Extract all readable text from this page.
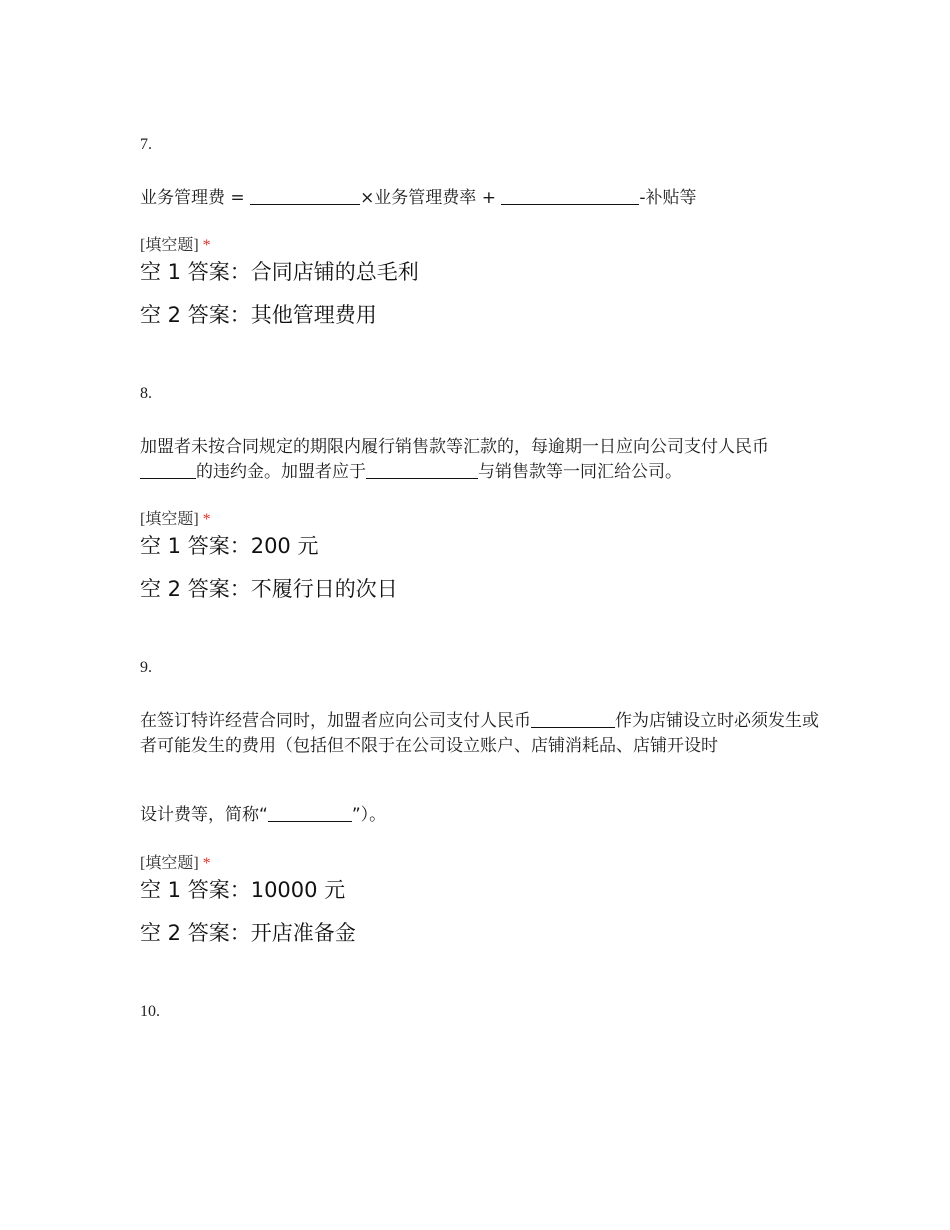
7.
业务管理费 =	×业务管理费率 +	-补贴等
[填空题] *
空 1 答案：合同店铺的总毛利
空 2 答案：其他管理费用
8.
加盟者未按合同规定的期限内履行销售款等汇款的，每逾期一日应向公司支付人民币的违约金。加盟者应于	与销售款等一同汇给公司。
[填空题] *
空 1 答案：200 元
空 2 答案：不履行日的次日
9.
在签订特许经营合同时，加盟者应向公司支付人民币	作为店铺设立时必须发生或者可能发生的费用（包括但不限于在公司设立账户、店铺消耗品、店铺开设时
设计费等，简称“	”）。
[填空题] *
空 1 答案：10000 元
空 2 答案：开店准备金
10.
